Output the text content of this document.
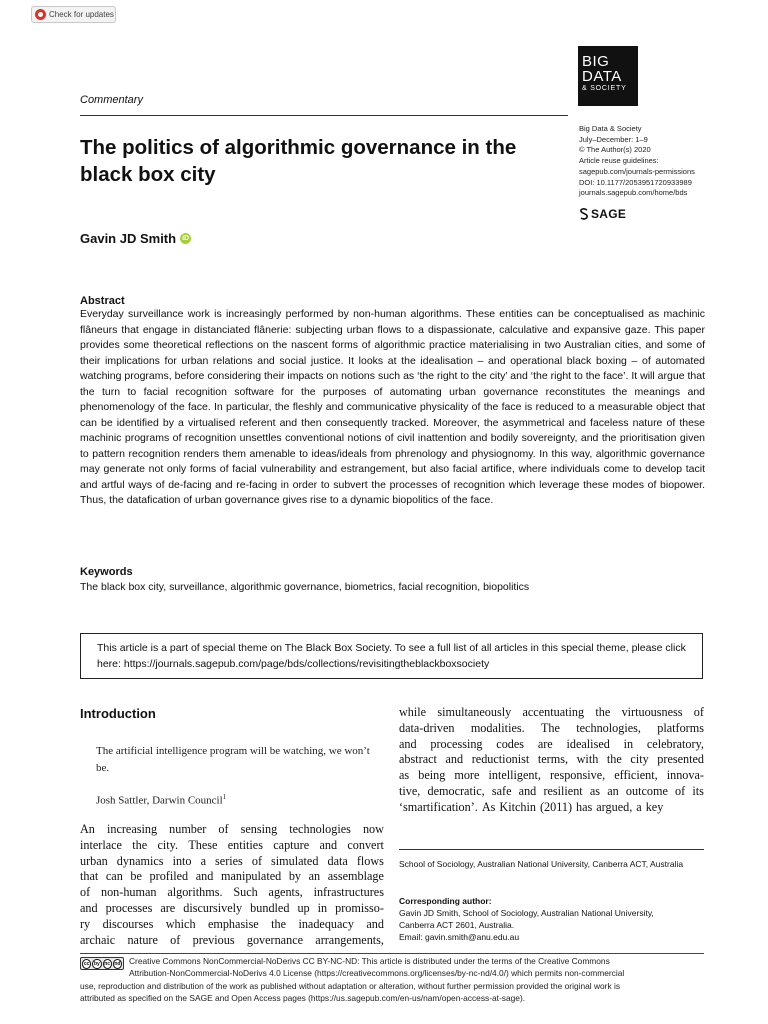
Check for updates
BIG
DATA
& SOCIETY
Commentary
Big Data & Society
July–December: 1–9
© The Author(s) 2020
Article reuse guidelines:
sagepub.com/journals-permissions
DOI: 10.1177/2053951720933989
journals.sagepub.com/home/bds
SAGE
The politics of algorithmic governance in the black box city
Gavin JD Smith iD
Abstract

Everyday surveillance work is increasingly performed by non-human algorithms. These entities can be conceptualised as machinic flâneurs that engage in distanciated flânerie: subjecting urban flows to a dispassionate, calculative and expansive gaze. This paper provides some theoretical reflections on the nascent forms of algorithmic practice materialising in two Australian cities, and some of their implications for urban relations and social justice. It looks at the idealisation – and operational black boxing – of automated watching programs, before considering their impacts on notions such as ‘the right to the city’ and ‘the right to the face’. It will argue that the turn to facial recognition software for the purposes of automating urban governance reconstitutes the meanings and phenomenology of the face. In particular, the fleshly and communicative physicality of the face is reduced to a measurable object that can be identified by a virtualised referent and then consequently tracked. Moreover, the asymmetrical and faceless nature of these machinic programs of recognition unsettles conventional notions of civil inattention and bodily sovereignty, and the prioritisation given to pattern recognition renders them amenable to ideas/ideals from phrenology and physiognomy. In this way, algorithmic governance may generate not only forms of facial vulnerability and estrangement, but also facial artifice, where individuals come to develop tacit and artful ways of de-facing and re-facing in order to subvert the processes of recognition which leverage these modes of biopower. Thus, the datafication of urban governance gives rise to a dynamic biopolitics of the face.

Keywords

The black box city, surveillance, algorithmic governance, biometrics, facial recognition, biopolitics

This article is a part of special theme on The Black Box Society. To see a full list of all articles in this special theme, please click here: https://journals.sagepub.com/page/bds/collections/revisitingtheblackboxsociety
Introduction

The artificial intelligence program will be watching, we won’t be.

Josh Sattler, Darwin Council$^1$

An increasing number of sensing technologies now
interlace the city. These entities capture and convert
urban dynamics into a series of simulated data flows
that can be profiled and manipulated by an assemblage
of non-human algorithms. Such agents, infrastructures
and processes are discursively bundled up in promisso-
ry discourses which emphasise the inadequacy and
archaic nature of previous governance arrangements,
while simultaneously accentuating the virtuousness of
data-driven modalities. The technologies, platforms
and processing codes are idealised in celebratory,
abstract and reductionist terms, with the city presented
as being more intelligent, responsive, efficient, innova-
tive, democratic, safe and resilient as an outcome of its
‘smartification’. As Kitchin (2011) has argued, a key

School of Sociology, Australian National University, Canberra ACT, Australia

Corresponding author:
Gavin JD Smith, School of Sociology, Australian National University,
Canberra ACT 2601, Australia.
Email: gavin.smith@anu.edu.au
cc by nc nd	Creative Commons NonCommercial-NoDerivs CC BY-NC-ND: This article is distributed under the terms of the Creative Commons
Attribution-NonCommercial-NoDerivs 4.0 License (https://creativecommons.org/licenses/by-nc-nd/4.0/) which permits non-commercial
use, reproduction and distribution of the work as published without adaptation or alteration, without further permission provided the original work is
attributed as specified on the SAGE and Open Access pages (https://us.sagepub.com/en-us/nam/open-access-at-sage).
